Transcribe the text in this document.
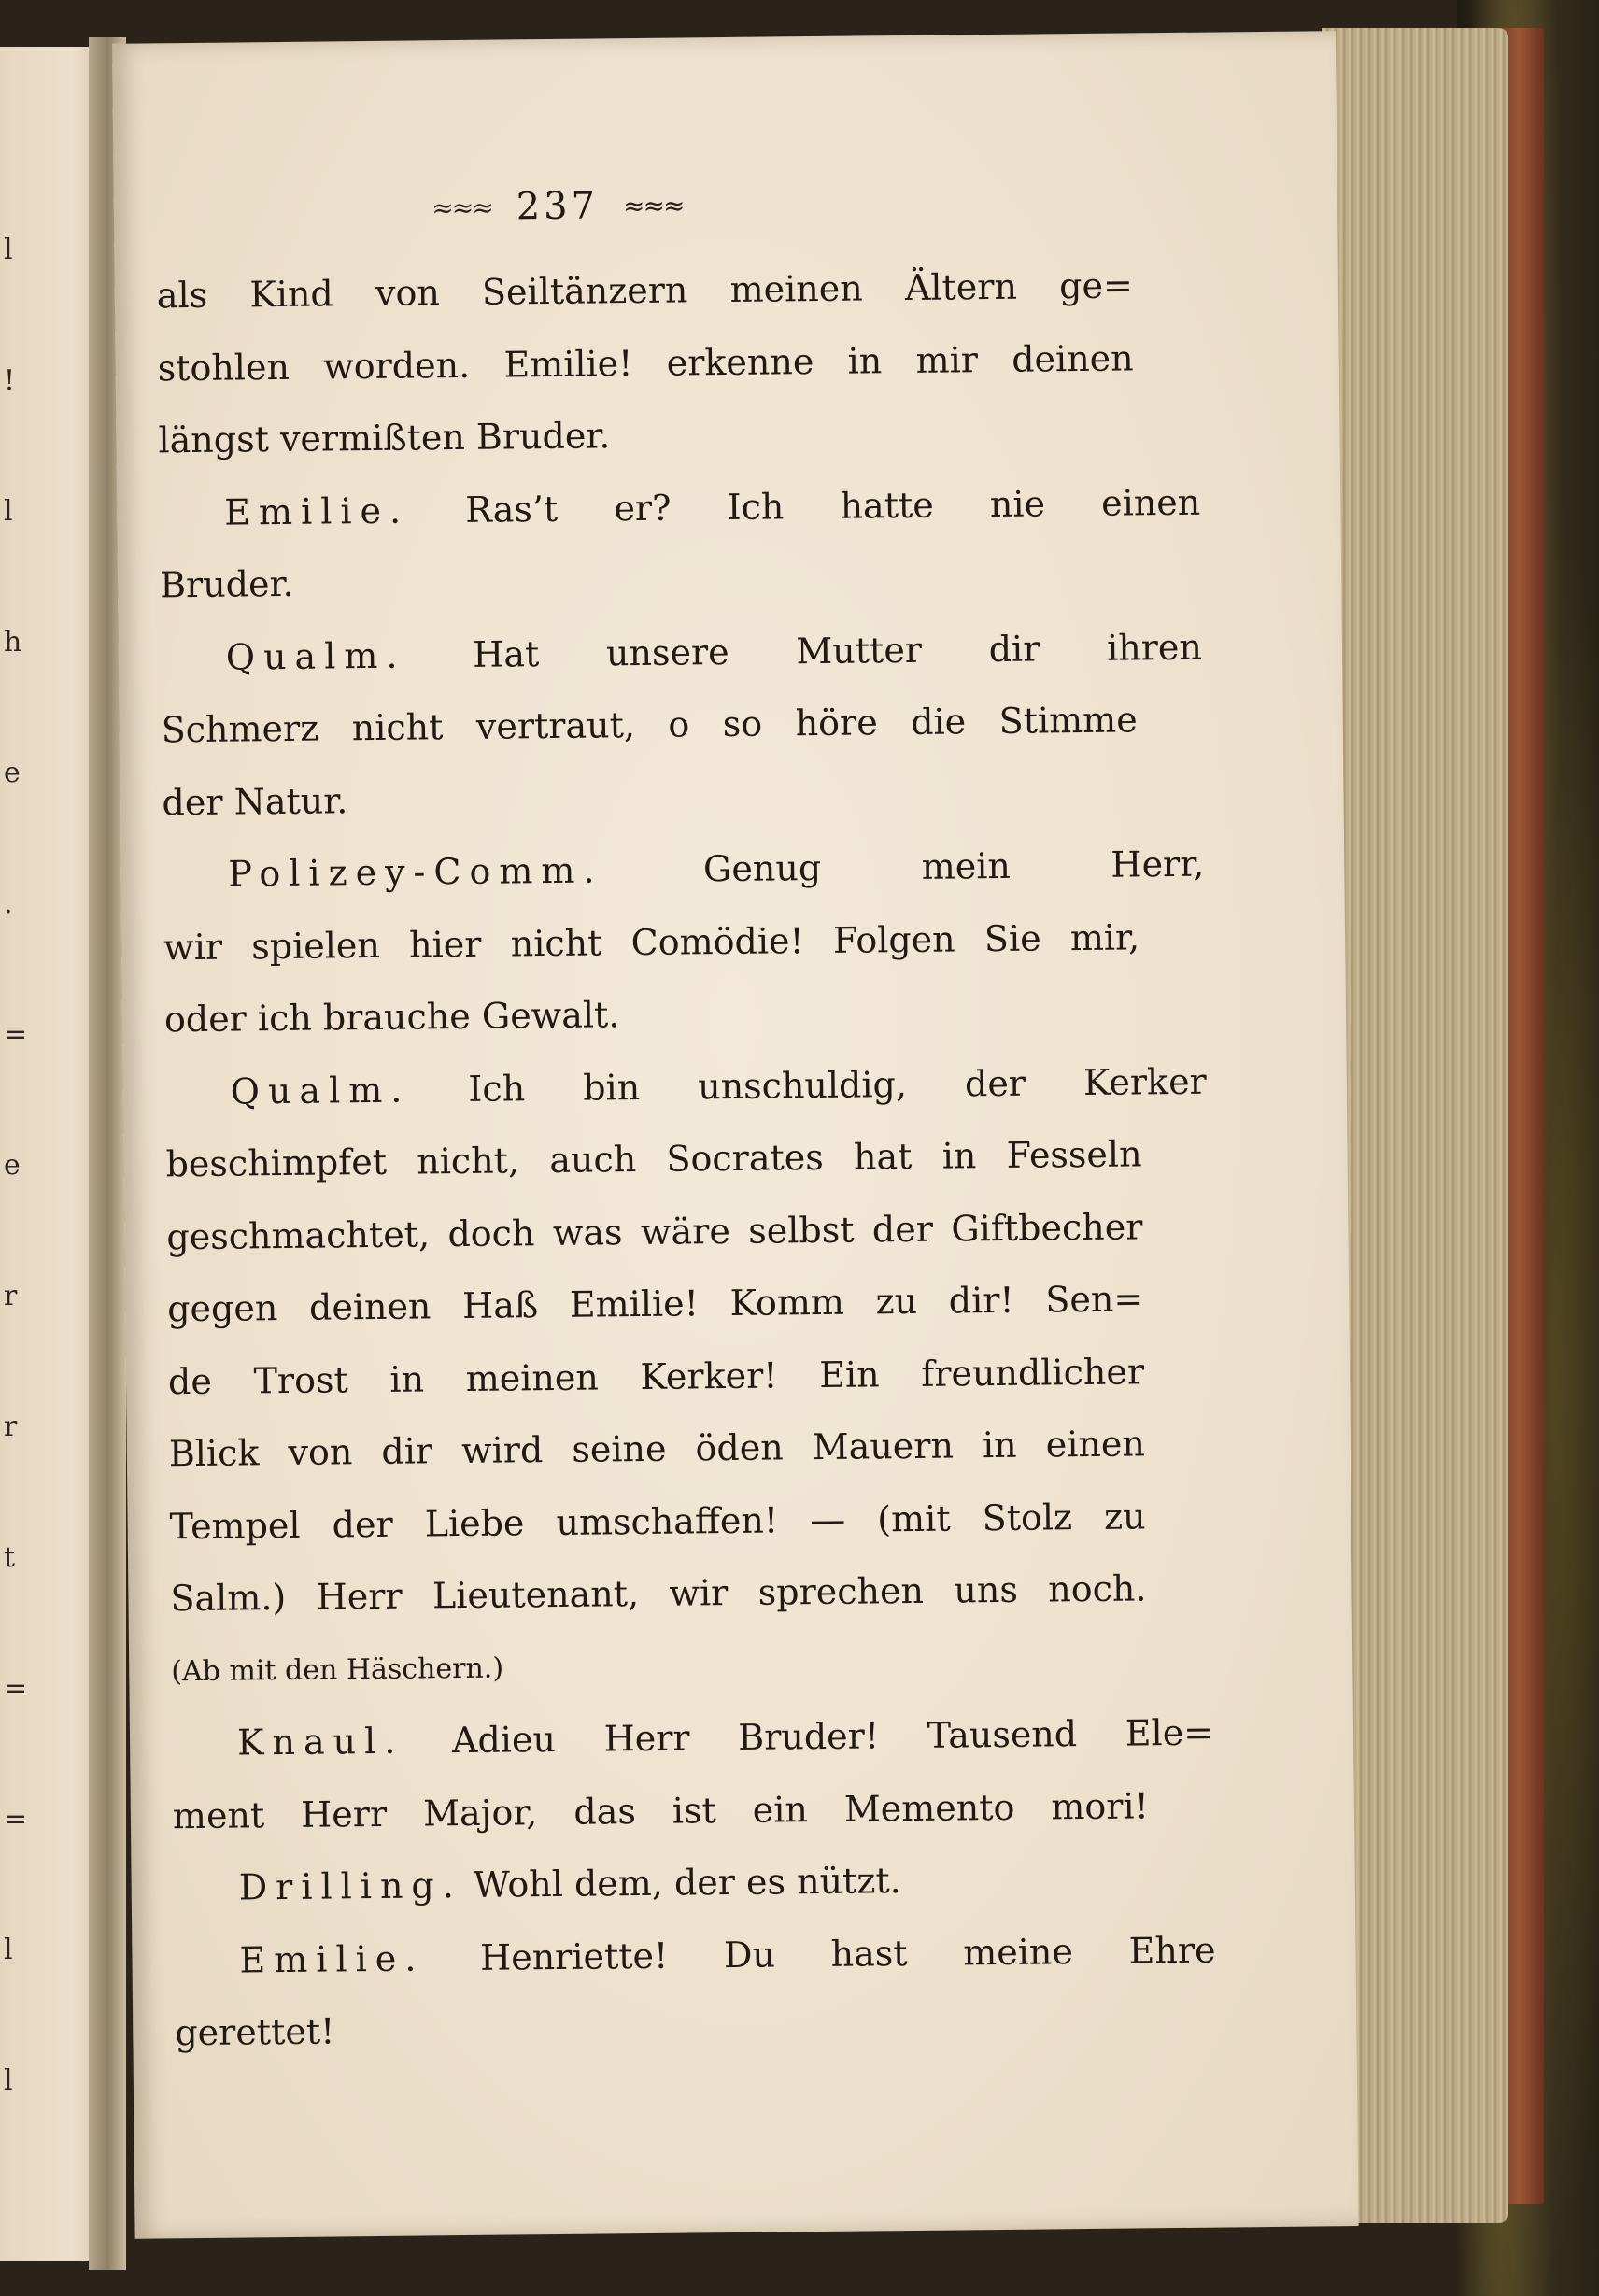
l
!
l
h
e
.
=
e
r
r
t
=
=
l
l
≈≈≈ 237 ≈≈≈
als Kind von Seiltänzern meinen Ältern ge=
stohlen worden. Emilie! erkenne in mir deinen
längst vermißten Bruder.
Emilie. Ras’t er? Ich hatte nie einen
Bruder.
Qualm. Hat unsere Mutter dir ihren
Schmerz nicht vertraut, o so höre die Stimme
der Natur.
Polizey-Comm.	Genug mein Herr,
wir spielen hier nicht Comödie! Folgen Sie mir,
oder ich brauche Gewalt.
Qualm. Ich bin unschuldig, der Kerker
beschimpfet nicht, auch Socrates hat in Fesseln
geschmachtet, doch was wäre selbst der Giftbecher
gegen deinen Haß Emilie! Komm zu dir! Sen=
de Trost in meinen Kerker! Ein freundlicher
Blick von dir wird seine öden Mauern in einen
Tempel der Liebe umschaffen! — (mit Stolz zu
Salm.) Herr Lieutenant, wir sprechen uns noch.
(Ab mit den Häschern.)
Knaul. Adieu Herr Bruder! Tausend Ele=
ment Herr Major, das ist ein Memento mori!
Drilling. Wohl dem, der es nützt.
Emilie. Henriette! Du hast meine Ehre
gerettet!
